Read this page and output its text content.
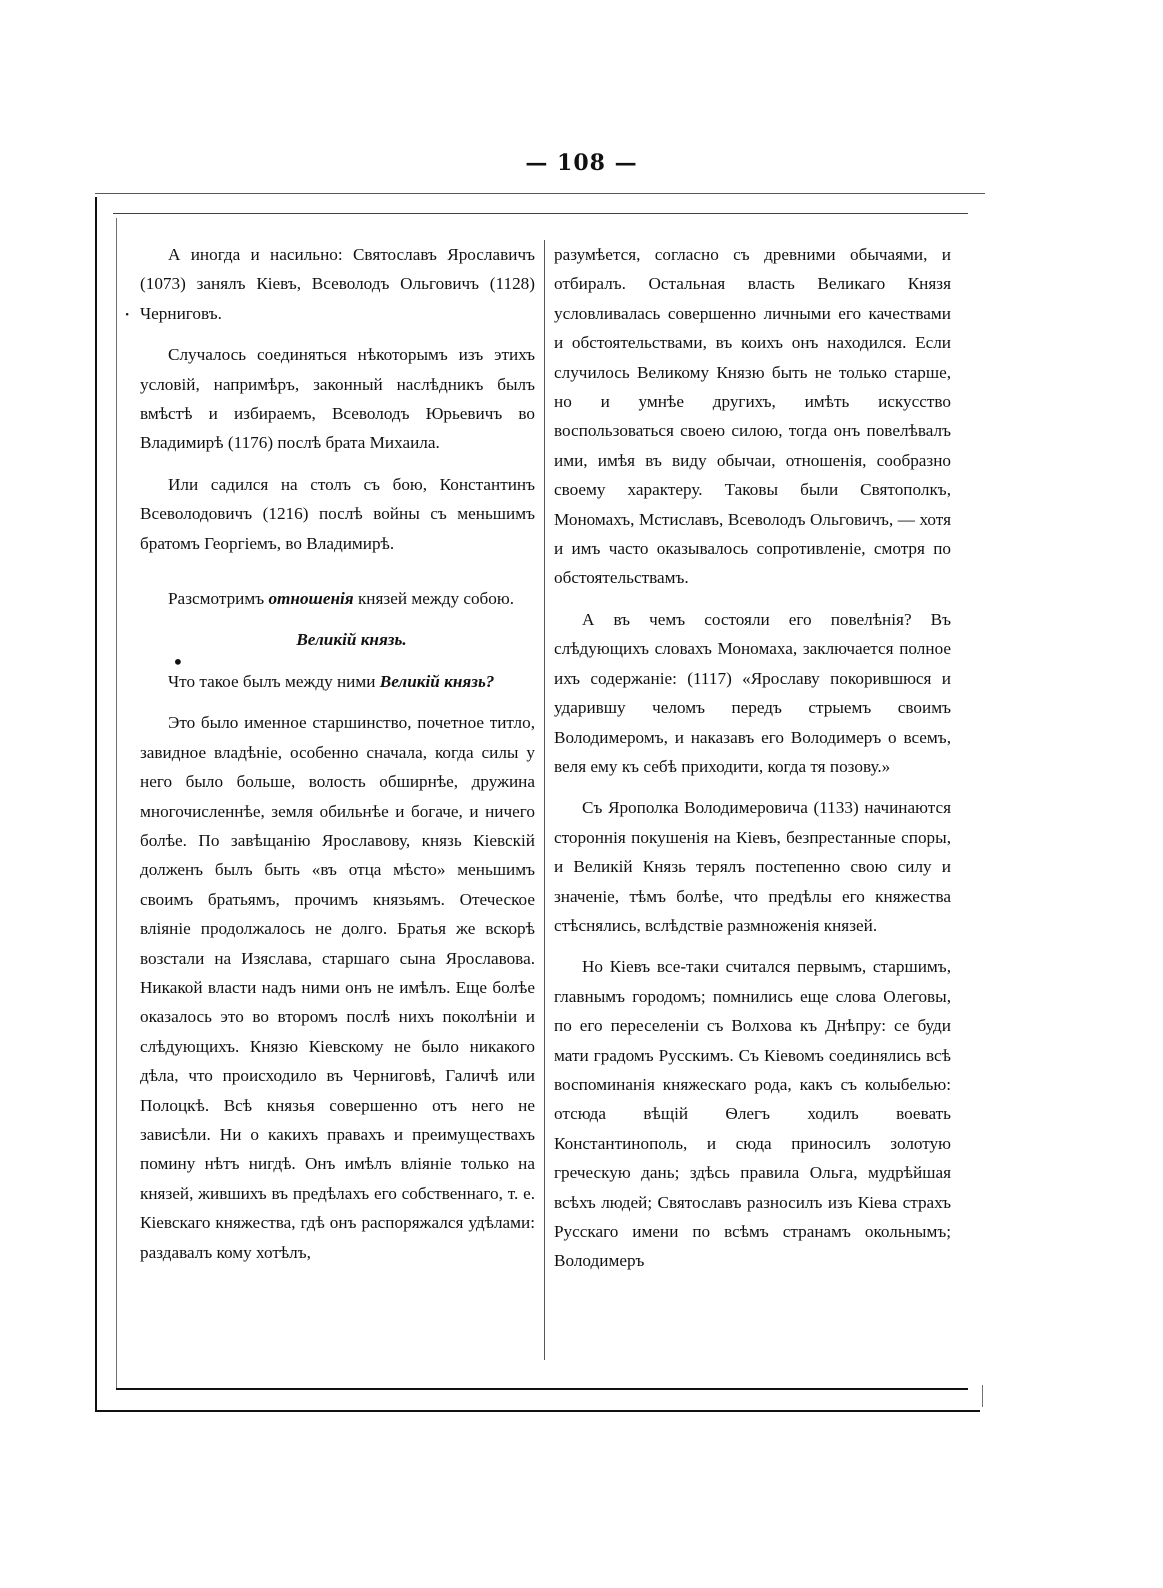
— 108 —
·
•

А иногда и насильно: Святославъ Ярославичъ (1073) занялъ Кіевъ, Всеволодъ Ольговичъ (1128) Черниговъ.

Случалось соединяться нѣкоторымъ изъ этихъ условій, напримѣръ, законный наслѣдникъ былъ вмѣстѣ и избираемъ, Всеволодъ Юрьевичъ во Владимирѣ (1176) послѣ брата Михаила.

Или садился на столъ съ бою, Константинъ Всеволодовичъ (1216) послѣ войны съ меньшимъ братомъ Георгіемъ, во Владимирѣ.

Разсмотримъ отношенія князей между собою.

Великій князь.

Что такое былъ между ними Великій князь?

Это было именное старшинство, почетное титло, завидное владѣніе, особенно сначала, когда силы у него было больше, волость обширнѣе, дружина многочисленнѣе, земля обильнѣе и богаче, и ничего болѣе. По завѣщанію Ярославову, князь Кіевскій долженъ былъ быть «въ отца мѣсто» меньшимъ своимъ братьямъ, прочимъ князьямъ. Отеческое вліяніе продолжалось не долго. Братья же вскорѣ возстали на Изяслава, старшаго сына Ярославова. Никакой власти надъ ними онъ не имѣлъ. Еще болѣе оказалось это во второмъ послѣ нихъ поколѣніи и слѣдующихъ. Князю Кіевскому не было никакого дѣла, что происходило въ Черниговѣ, Галичѣ или Полоцкѣ. Всѣ князья совершенно отъ него не зависѣли. Ни о какихъ правахъ и преимуществахъ помину нѣтъ нигдѣ. Онъ имѣлъ вліяніе только на князей, жившихъ въ предѣлахъ его собственнаго, т. е. Кіевскаго княжества, гдѣ онъ распоряжался удѣлами: раздавалъ кому хотѣлъ,

разумѣется, согласно съ древними обычаями, и отбиралъ. Остальная власть Великаго Князя условливалась совершенно личными его качествами и обстоятельствами, въ коихъ онъ находился. Если случилось Великому Князю быть не только старше, но и умнѣе другихъ, имѣть искусство воспользоваться своею силою, тогда онъ повелѣвалъ ими, имѣя въ виду обычаи, отношенія, сообразно своему характеру. Таковы были Святополкъ, Мономахъ, Мстиславъ, Всеволодъ Ольговичъ, — хотя и имъ часто оказывалось сопротивленіе, смотря по обстоятельствамъ.

А въ чемъ состояли его повелѣнія? Въ слѣдующихъ словахъ Мономаха, заключается полное ихъ содержаніе: (1117) «Ярославу покорившюся и ударившу челомъ передъ стрыемъ своимъ Володимеромъ, и наказавъ его Володимеръ о всемъ, веля ему къ себѣ приходити, когда тя позову.»

Съ Ярополка Володимеровича (1133) начинаются стороннія покушенія на Кіевъ, безпрестанные споры, и Великій Князь терялъ постепенно свою силу и значеніе, тѣмъ болѣе, что предѣлы его княжества стѣснялись, вслѣдствіе размноженія князей.

Но Кіевъ все-таки считался первымъ, старшимъ, главнымъ городомъ; помнились еще слова Олеговы, по его переселеніи съ Волхова къ Днѣпру: се буди мати градомъ Русскимъ. Съ Кіевомъ соединялись всѣ воспоминанія княжескаго рода, какъ съ колыбелью: отсюда вѣщій Ѳлегъ ходилъ воевать Константинополь, и сюда приносилъ золотую греческую дань; здѣсь правила Ольга, мудрѣйшая всѣхъ людей; Святославъ разносилъ изъ Кіева страхъ Русскаго имени по всѣмъ странамъ окольнымъ; Володимеръ
